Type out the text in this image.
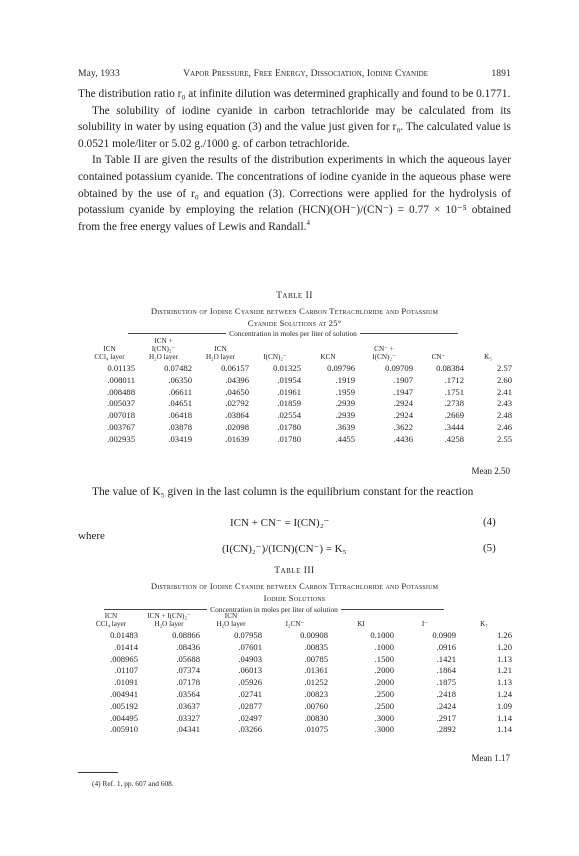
May, 1933	Vapor Pressure, Free Energy, Dissociation, Iodine Cyanide	1891

The distribution ratio r₀ at infinite dilution was determined graphically and found to be 0.1771.

The solubility of iodine cyanide in carbon tetrachloride may be calculated from its solubility in water by using equation (3) and the value just given for r₀. The calculated value is 0.0521 mole/liter or 5.02 g./1000 g. of carbon tetrachloride.

In Table II are given the results of the distribution experiments in which the aqueous layer contained potassium cyanide. The concentrations of iodine cyanide in the aqueous phase were obtained by the use of r₀ and equation (3). Corrections were applied for the hydrolysis of potassium cyanide by employing the relation (HCN)(OH⁻)/(CN⁻) = 0.77 × 10⁻⁵ obtained from the free energy values of Lewis and Randall.$^4$

Table II
Distribution of Iodine Cyanide between Carbon Tetrachloride and Potassium
Cyanide Solutions at 25°
Concentration in moles per liter of solution
ICN
CCl₄ layer	ICN +
I(CN)₂⁻
H₂O layer	ICN
H₂O layer	I(CN)₂⁻	KCN	CN⁻ +
I(CN)₂⁻	CN⁻	K₅
0.01135	0.07482	0.06157	0.01325	0.09796	0.09709	0.08384	2.57
.008011	.06350	.04396	.01954	.1919	.1907	.1712	2.60
.008488	.06611	.04650	.01961	.1959	.1947	.1751	2.41
.005037	.04651	.02792	.01859	.2939	.2924	.2738	2.43
.007018	.06418	.03864	.02554	.2939	.2924	.2669	2.48
.003767	.03878	.02098	.01780	.3639	.3622	.3444	2.46
.002935	.03419	.01639	.01780	.4455	.4436	.4258	2.55
Mean 2.50

The value of K₅ given in the last column is the equilibrium constant for the reaction

ICN + CN⁻ = I(CN)₂⁻	(4)
where
(I(CN)₂⁻)/(ICN)(CN⁻) = K₅	(5)
Table III
Distribution of Iodine Cyanide between Carbon Tetrachloride and Potassium
Iodide Solutions
Concentration in moles per liter of solution
ICN
CCl₄ layer	ICN + I(CN)₂⁻
H₂O layer	ICN
H₂O layer	I₂CN⁻	KI	I⁻	K₇
0.01483	0.08866	0.07958	0.00908	0.1000	0.0909	1.26
.01414	.08436	.07601	.00835	.1000	.0916	1.20
.008965	.05688	.04903	.00785	.1500	.1421	1.13
.01107	.07374	.06013	.01361	.2000	.1864	1.21
.01091	.07178	.05926	.01252	.2000	.1875	1.13
.004941	.03564	.02741	.00823	.2500	.2418	1.24
.005192	.03637	.02877	.00760	.2500	.2424	1.09
.004495	.03327	.02497	.00830	.3000	.2917	1.14
.005910	.04341	.03266	.01075	.3000	.2892	1.14
Mean 1.17
(4) Ref. 1, pp. 607 and 608.
